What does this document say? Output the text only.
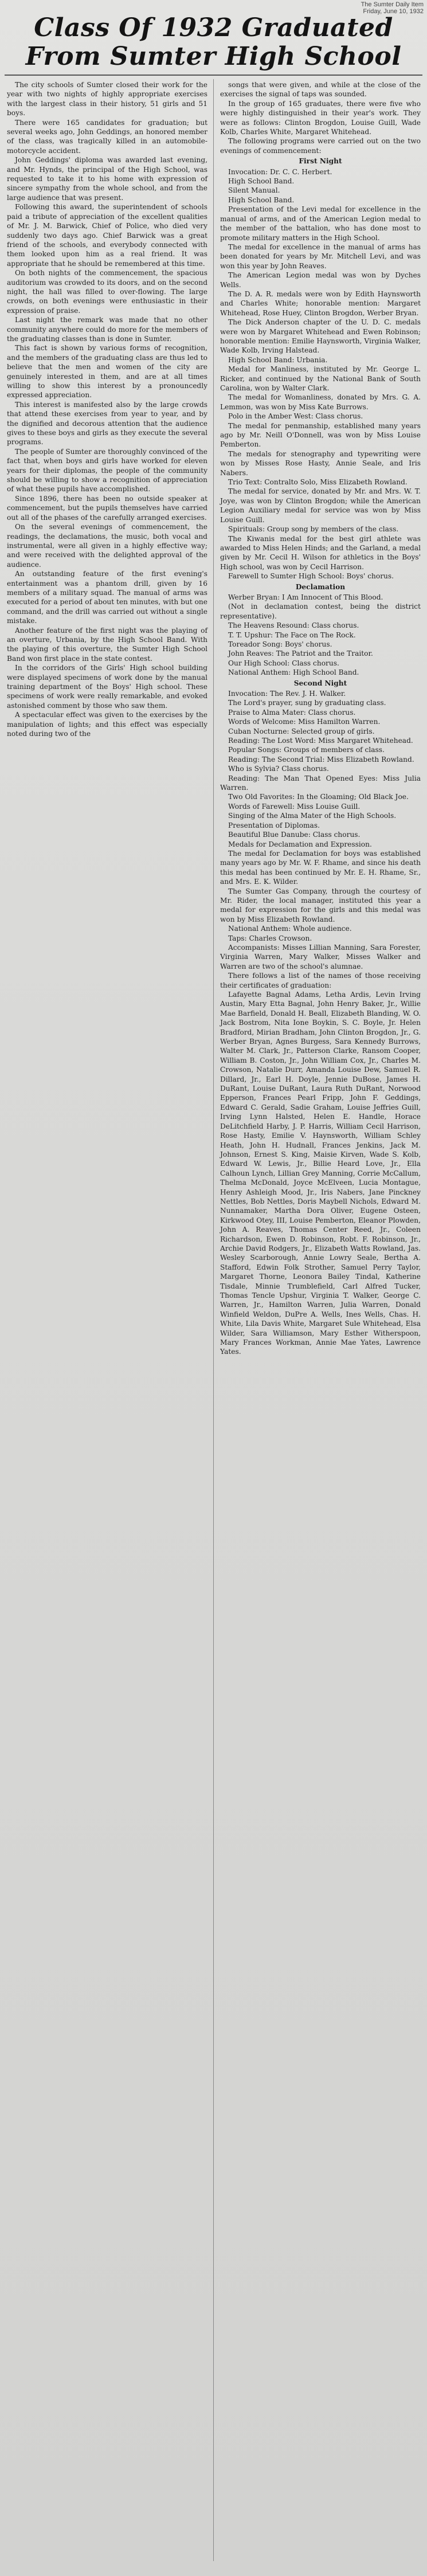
The Sumter Daily Item
Friday, June 10, 1932
Class Of 1932 Graduated
From Sumter High School

The city schools of Sumter closed their work for the year with two nights of highly appropriate exercises with the largest class in their history, 51 girls and 51 boys.

There were 165 candidates for graduation; but several weeks ago, John Geddings, an honored member of the class, was tragically killed in an automobile-motorcycle accident.

John Geddings' diploma was awarded last evening, and Mr. Hynds, the principal of the High School, was requested to take it to his home with expression of sincere sympathy from the whole school, and from the large audience that was present.

Following this award, the superintendent of schools paid a tribute of appreciation of the excellent qualities of Mr. J. M. Barwick, Chief of Police, who died very suddenly two days ago. Chief Barwick was a great friend of the schools, and everybody connected with them looked upon him as a real friend. It was appropriate that he should be remembered at this time.

On both nights of the commencement, the spacious auditorium was crowded to its doors, and on the second night, the hall was filled to over-flowing. The large crowds, on both evenings were enthusiastic in their expression of praise.

Last night the remark was made that no other community anywhere could do more for the members of the graduating classes than is done in Sumter.

This fact is shown by various forms of recognition, and the members of the graduating class are thus led to believe that the men and women of the city are genuinely interested in them, and are at all times willing to show this interest by a pronouncedly expressed appreciation.

This interest is manifested also by the large crowds that attend these exercises from year to year, and by the dignified and decorous attention that the audience gives to these boys and girls as they execute the several programs.

The people of Sumter are thoroughly convinced of the fact that, when boys and girls have worked for eleven years for their diplomas, the people of the community should be willing to show a recognition of appreciation of what these pupils have accomplished.

Since 1896, there has been no outside speaker at commencement, but the pupils themselves have carried out all of the phases of the carefully arranged exercises.

On the several evenings of commencement, the readings, the declamations, the music, both vocal and instrumental, were all given in a highly effective way; and were received with the delighted approval of the audience.

An outstanding feature of the first evening's entertainment was a phantom drill, given by 16 members of a military squad. The manual of arms was executed for a period of about ten minutes, with but one command, and the drill was carried out without a single mistake.

Another feature of the first night was the playing of an overture, Urbania, by the High School Band. With the playing of this overture, the Sumter High School Band won first place in the state contest.

In the corridors of the Girls' High school building were displayed specimens of work done by the manual training department of the Boys' High school. These specimens of work were really remarkable, and evoked astonished comment by those who saw them.

A spectacular effect was given to the exercises by the manipulation of lights; and this effect was especially noted during two of the

songs that were given, and while at the close of the exercises the signal of taps was sounded.

In the group of 165 graduates, there were five who were highly distinguished in their year's work. They were as follows: Clinton Brogdon, Louise Guill, Wade Kolb, Charles White, Margaret Whitehead.

The following programs were carried out on the two evenings of commencement:

First Night

Invocation: Dr. C. C. Herbert.

High School Band.

Silent Manual.

High School Band.

Presentation of the Levi medal for excellence in the manual of arms, and of the American Legion medal to the member of the battalion, who has done most to promote military matters in the High School.

The medal for excellence in the manual of arms has been donated for years by Mr. Mitchell Levi, and was won this year by John Reaves.

The American Legion medal was won by Dyches Wells.

The D. A. R. medals were won by Edith Haynsworth and Charles White; honorable mention: Margaret Whitehead, Rose Huey, Clinton Brogdon, Werber Bryan.

The Dick Anderson chapter of the U. D. C. medals were won by Margaret Whitehead and Ewen Robinson; honorable mention: Emilie Haynsworth, Virginia Walker, Wade Kolb, Irving Halstead.

High School Band: Urbania.

Medal for Manliness, instituted by Mr. George L. Ricker, and continued by the National Bank of South Carolina, won by Walter Clark.

The medal for Womanliness, donated by Mrs. G. A. Lemmon, was won by Miss Kate Burrows.

Polo in the Amber West: Class chorus.

The medal for penmanship, established many years ago by Mr. Neill O'Donnell, was won by Miss Louise Pemberton.

The medals for stenography and typewriting were won by Misses Rose Hasty, Annie Seale, and Iris Nabers.

Trio Text: Contralto Solo, Miss Elizabeth Rowland.

The medal for service, donated by Mr. and Mrs. W. T. Joye, was won by Clinton Brogdon; while the American Legion Auxiliary medal for service was won by Miss Louise Guill.

Spirituals: Group song by members of the class.

The Kiwanis medal for the best girl athlete was awarded to Miss Helen Hinds; and the Garland, a medal given by Mr. Cecil H. Wilson for athletics in the Boys' High school, was won by Cecil Harrison.

Farewell to Sumter High School: Boys' chorus.

Declamation

Werber Bryan: I Am Innocent of This Blood.

(Not in declamation contest, being the district representative).

The Heavens Resound: Class chorus.

T. T. Upshur: The Face on The Rock.

Toreador Song: Boys' chorus.

John Reaves: The Patriot and the Traitor.

Our High School: Class chorus.

National Anthem: High School Band.

Second Night

Invocation: The Rev. J. H. Walker.

The Lord's prayer, sung by graduating class.

Praise to Alma Mater: Class chorus.

Words of Welcome: Miss Hamilton Warren.

Cuban Nocturne: Selected group of girls.

Reading: The Lost Word: Miss Margaret Whitehead.

Popular Songs: Groups of members of class.

Reading: The Second Trial: Miss Elizabeth Rowland.

Who is Sylvia? Class chorus.

Reading: The Man That Opened Eyes: Miss Julia Warren.

Two Old Favorites: In the Gloaming; Old Black Joe.

Words of Farewell: Miss Louise Guill.

Singing of the Alma Mater of the High Schools.

Presentation of Diplomas.

Beautiful Blue Danube: Class chorus.

Medals for Declamation and Expression.

The medal for Declamation for boys was established many years ago by Mr. W. F. Rhame, and since his death this medal has been continued by Mr. E. H. Rhame, Sr., and Mrs. E. K. Wilder.

The Sumter Gas Company, through the courtesy of Mr. Rider, the local manager, instituted this year a medal for expression for the girls and this medal was won by Miss Elizabeth Rowland.

National Anthem: Whole audience.

Taps: Charles Crowson.

Accompanists: Misses Lillian Manning, Sara Forester, Virginia Warren, Mary Walker, Misses Walker and Warren are two of the school's alumnae.

There follows a list of the names of those receiving their certificates of graduation:

Lafayette Bagnal Adams, Letha Ardis, Levin Irving Austin, Mary Etta Bagnal, John Henry Baker, Jr., Willie Mae Barfield, Donald H. Beall, Elizabeth Blanding, W. O. Jack Bostrom, Nita Ione Boykin, S. C. Boyle, Jr. Helen Bradford, Mirian Bradham, John Clinton Brogdon, Jr., G. Werber Bryan, Agnes Burgess, Sara Kennedy Burrows, Walter M. Clark, Jr., Patterson Clarke, Ransom Cooper, William B. Coston, Jr., John William Cox, Jr., Charles M. Crowson, Natalie Durr, Amanda Louise Dew, Samuel R. Dillard, Jr., Earl H. Doyle, Jennie DuBose, James H. DuRant, Louise DuRant, Laura Ruth DuRant, Norwood Epperson, Frances Pearl Fripp, John F. Geddings, Edward C. Gerald, Sadie Graham, Louise Jeffries Guill, Irving Lynn Halsted, Helen E. Handle, Horace DeLitchfield Harby, J. P. Harris, William Cecil Harrison, Rose Hasty, Emilie V. Haynsworth, William Schley Heath, John H. Hudnall, Frances Jenkins, Jack M. Johnson, Ernest S. King, Maisie Kirven, Wade S. Kolb, Edward W. Lewis, Jr., Billie Heard Love, Jr., Ella Calhoun Lynch, Lillian Grey Manning, Corrie McCallum, Thelma McDonald, Joyce McElveen, Lucia Montague, Henry Ashleigh Mood, Jr., Iris Nabers, Jane Pinckney Nettles, Bob Nettles, Doris Maybell Nichols, Edward M. Nunnamaker, Martha Dora Oliver, Eugene Osteen, Kirkwood Otey, III, Louise Pemberton, Eleanor Plowden, John A. Reaves, Thomas Center Reed, Jr., Coleen Richardson, Ewen D. Robinson, Robt. F. Robinson, Jr., Archie David Rodgers, Jr., Elizabeth Watts Rowland, Jas. Wesley Scarborough, Annie Lowry Seale, Bertha A. Stafford, Edwin Folk Strother, Samuel Perry Taylor, Margaret Thorne, Leonora Bailey Tindal, Katherine Tisdale, Minnie Trumblefield, Carl Alfred Tucker, Thomas Tencle Upshur, Virginia T. Walker, George C. Warren, Jr., Hamilton Warren, Julia Warren, Donald Winfield Weldon, DuPre A. Wells, Ines Wells, Chas. H. White, Lila Davis White, Margaret Sule Whitehead, Elsa Wilder, Sara Williamson, Mary Esther Witherspoon, Mary Frances Workman, Annie Mae Yates, Lawrence Yates.
